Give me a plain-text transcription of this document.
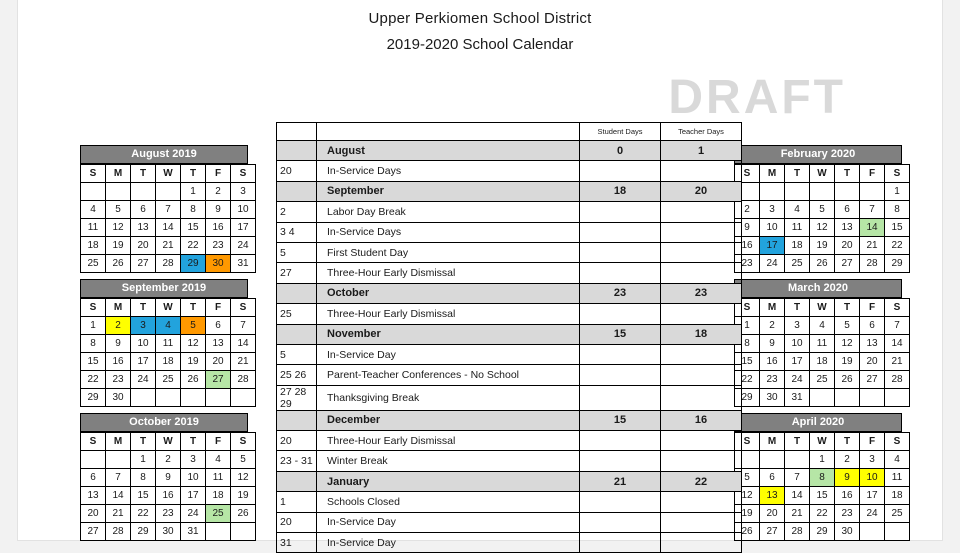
Upper Perkiomen School District
2019-2020 School Calendar
DRAFT
August 2019
S	M	T	W	T	F	S
				1	2	3
4	5	6	7	8	9	10
11	12	13	14	15	16	17
18	19	20	21	22	23	24
25	26	27	28	29	30	31
September 2019
S	M	T	W	T	F	S
1	2	3	4	5	6	7
8	9	10	11	12	13	14
15	16	17	18	19	20	21
22	23	24	25	26	27	28
29	30					
October 2019
S	M	T	W	T	F	S
		1	2	3	4	5
6	7	8	9	10	11	12
13	14	15	16	17	18	19
20	21	22	23	24	25	26
27	28	29	30	31		
February 2020
S	M	T	W	T	F	S
						1
2	3	4	5	6	7	8
9	10	11	12	13	14	15
16	17	18	19	20	21	22
23	24	25	26	27	28	29
March 2020
S	M	T	W	T	F	S
1	2	3	4	5	6	7
8	9	10	11	12	13	14
15	16	17	18	19	20	21
22	23	24	25	26	27	28
29	30	31				
April 2020
S	M	T	W	T	F	S
			1	2	3	4
5	6	7	8	9	10	11
12	13	14	15	16	17	18
19	20	21	22	23	24	25
26	27	28	29	30		
		Student Days	Teacher Days
	August	0	1
20	In-Service Days		
	September	18	20
2	Labor Day Break		
3 4	In-Service Days		
5	First Student Day		
27	Three-Hour Early Dismissal		
	October	23	23
25	Three-Hour Early Dismissal		
	November	15	18
5	In-Service Day		
25 26	Parent-Teacher Conferences - No School		
27 28 29	Thanksgiving Break		
	December	15	16
20	Three-Hour Early Dismissal		
23 - 31	Winter Break		
	January	21	22
1	Schools Closed		
20	In-Service Day		
31	In-Service Day		
